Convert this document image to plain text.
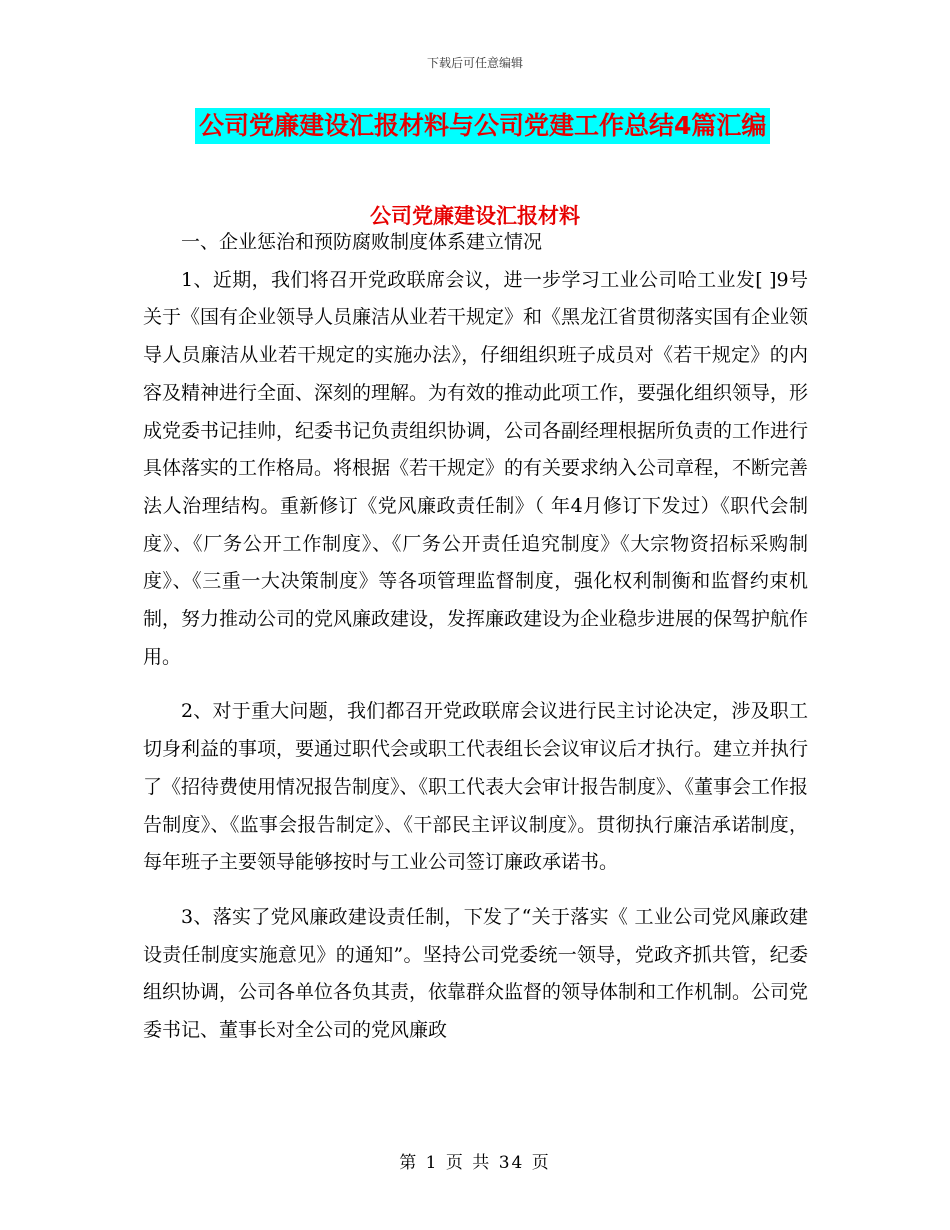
下载后可任意编辑
公司党廉建设汇报材料与公司党建工作总结4篇汇编
公司党廉建设汇报材料

一、企业惩治和预防腐败制度体系建立情况

1、近期，我们将召开党政联席会议，进一步学习工业公司哈工业发[ ]9号关于《国有企业领导人员廉洁从业若干规定》和《黑龙江省贯彻落实国有企业领导人员廉洁从业若干规定的实施办法》，仔细组织班子成员对《若干规定》的内容及精神进行全面、深刻的理解。为有效的推动此项工作，要强化组织领导，形成党委书记挂帅，纪委书记负责组织协调，公司各副经理根据所负责的工作进行具体落实的工作格局。将根据《若干规定》的有关要求纳入公司章程，不断完善法人治理结构。重新修订《党风廉政责任制》（ 年4月修订下发过）《职代会制度》、《厂务公开工作制度》、《厂务公开责任追究制度》《大宗物资招标采购制度》、《三重一大决策制度》等各项管理监督制度，强化权利制衡和监督约束机制，努力推动公司的党风廉政建设，发挥廉政建设为企业稳步进展的保驾护航作用。

2、对于重大问题，我们都召开党政联席会议进行民主讨论决定，涉及职工切身利益的事项，要通过职代会或职工代表组长会议审议后才执行。建立并执行了《招待费使用情况报告制度》、《职工代表大会审计报告制度》、《董事会工作报告制度》、《监事会报告制定》、《干部民主评议制度》。贯彻执行廉洁承诺制度，每年班子主要领导能够按时与工业公司签订廉政承诺书。

3、落实了党风廉政建设责任制，下发了“关于落实《 工业公司党风廉政建设责任制度实施意见》的通知”。坚持公司党委统一领导，党政齐抓共管，纪委组织协调，公司各单位各负其责，依靠群众监督的领导体制和工作机制。公司党委书记、董事长对全公司的党风廉政

第 1 页 共 34 页
